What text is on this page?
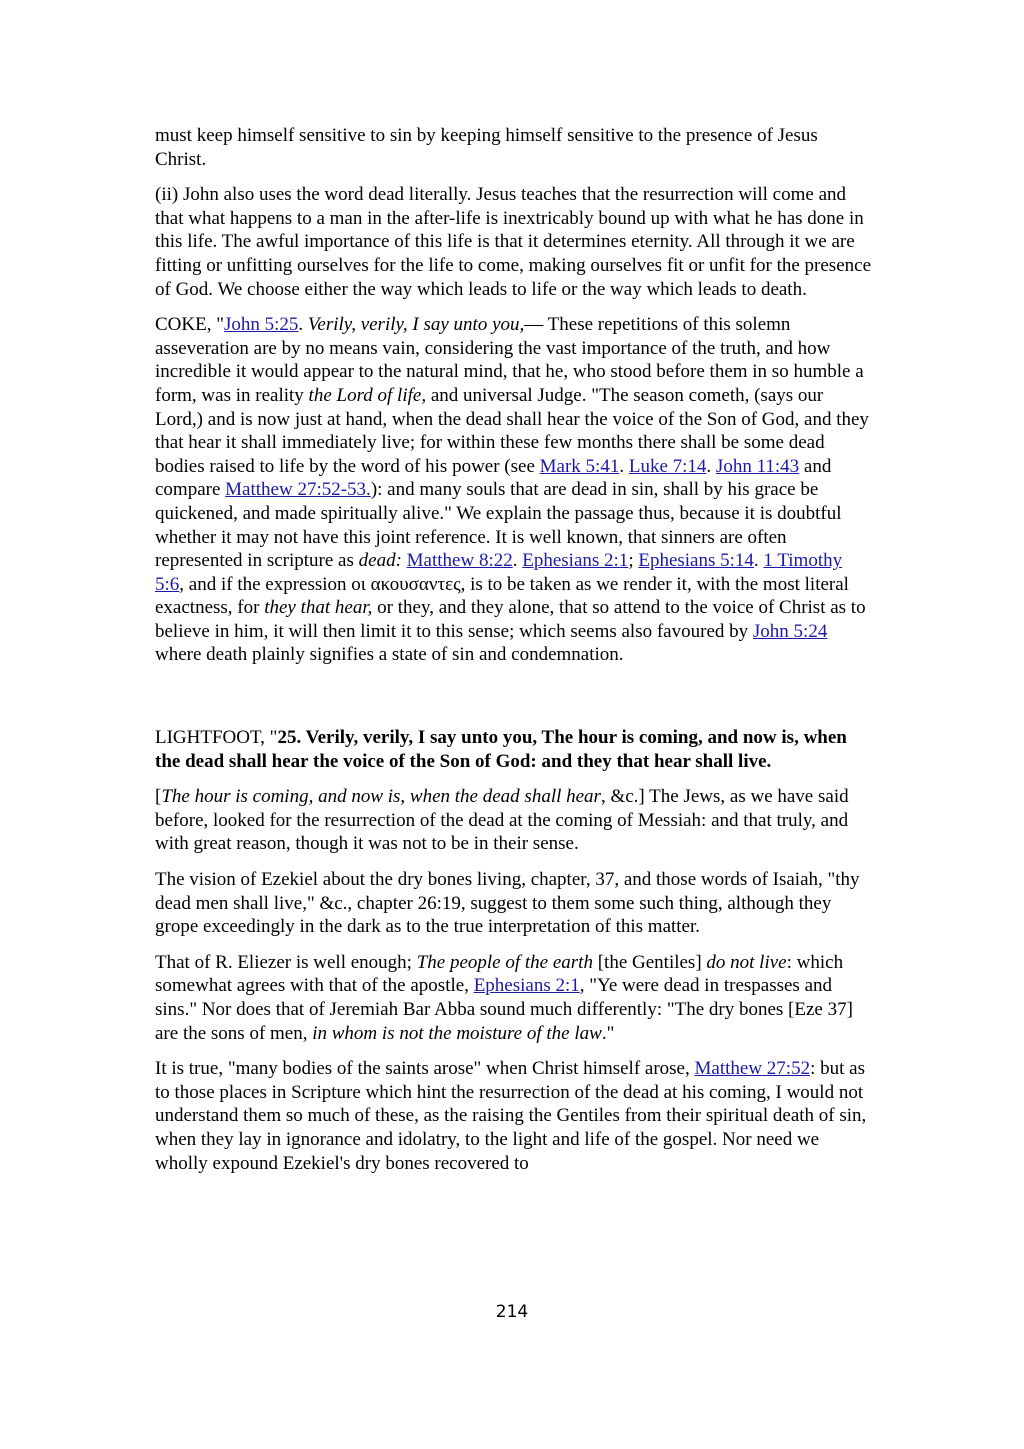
must keep himself sensitive to sin by keeping himself sensitive to the presence of Jesus Christ.

(ii) John also uses the word dead literally. Jesus teaches that the resurrection will come and that what happens to a man in the after-life is inextricably bound up with what he has done in this life. The awful importance of this life is that it determines eternity. All through it we are fitting or unfitting ourselves for the life to come, making ourselves fit or unfit for the presence of God. We choose either the way which leads to life or the way which leads to death.

COKE, "John 5:25. Verily, verily, I say unto you,— These repetitions of this solemn asseveration are by no means vain, considering the vast importance of the truth, and how incredible it would appear to the natural mind, that he, who stood before them in so humble a form, was in reality the Lord of life, and universal Judge. "The season cometh, (says our Lord,) and is now just at hand, when the dead shall hear the voice of the Son of God, and they that hear it shall immediately live; for within these few months there shall be some dead bodies raised to life by the word of his power (see Mark 5:41. Luke 7:14. John 11:43 and compare Matthew 27:52-53.): and many souls that are dead in sin, shall by his grace be quickened, and made spiritually alive." We explain the passage thus, because it is doubtful whether it may not have this joint reference. It is well known, that sinners are often represented in scripture as dead: Matthew 8:22. Ephesians 2:1; Ephesians 5:14. 1 Timothy 5:6, and if the expression οι ακουσαντες, is to be taken as we render it, with the most literal exactness, for they that hear, or they, and they alone, that so attend to the voice of Christ as to believe in him, it will then limit it to this sense; which seems also favoured by John 5:24 where death plainly signifies a state of sin and condemnation.

LIGHTFOOT, "25. Verily, verily, I say unto you, The hour is coming, and now is, when the dead shall hear the voice of the Son of God: and they that hear shall live.

[The hour is coming, and now is, when the dead shall hear, &c.] The Jews, as we have said before, looked for the resurrection of the dead at the coming of Messiah: and that truly, and with great reason, though it was not to be in their sense.

The vision of Ezekiel about the dry bones living, chapter, 37, and those words of Isaiah, "thy dead men shall live," &c., chapter 26:19, suggest to them some such thing, although they grope exceedingly in the dark as to the true interpretation of this matter.

That of R. Eliezer is well enough; The people of the earth [the Gentiles] do not live: which somewhat agrees with that of the apostle, Ephesians 2:1, "Ye were dead in trespasses and sins." Nor does that of Jeremiah Bar Abba sound much differently: "The dry bones [Eze 37] are the sons of men, in whom is not the moisture of the law."

It is true, "many bodies of the saints arose" when Christ himself arose, Matthew 27:52: but as to those places in Scripture which hint the resurrection of the dead at his coming, I would not understand them so much of these, as the raising the Gentiles from their spiritual death of sin, when they lay in ignorance and idolatry, to the light and life of the gospel. Nor need we wholly expound Ezekiel's dry bones recovered to

214
